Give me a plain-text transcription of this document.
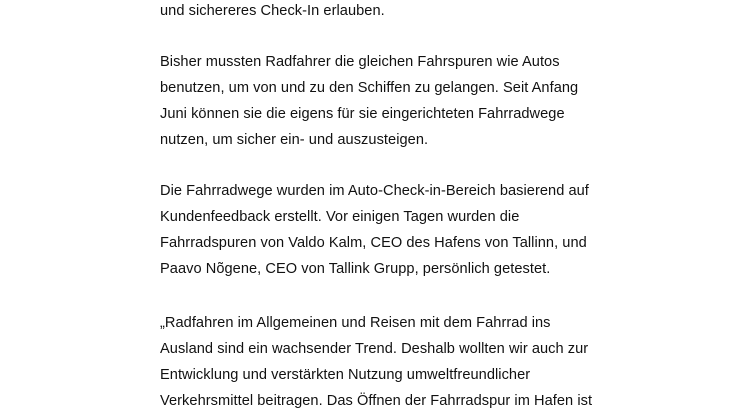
und sichereres Check-In erlauben.
Bisher mussten Radfahrer die gleichen Fahrspuren wie Autos
benutzen, um von und zu den Schiffen zu gelangen. Seit Anfang
Juni können sie die eigens für sie eingerichteten Fahrradwege
nutzen, um sicher ein- und auszusteigen.
Die Fahrradwege wurden im Auto-Check-in-Bereich basierend auf
Kundenfeedback erstellt. Vor einigen Tagen wurden die
Fahrradspuren von Valdo Kalm, CEO des Hafens von Tallinn, und
Paavo Nõgene, CEO von Tallink Grupp, persönlich getestet.
„Radfahren im Allgemeinen und Reisen mit dem Fahrrad ins
Ausland sind ein wachsender Trend. Deshalb wollten wir auch zur
Entwicklung und verstärkten Nutzung umweltfreundlicher
Verkehrsmittel beitragen. Das Öffnen der Fahrradspur im Hafen ist
